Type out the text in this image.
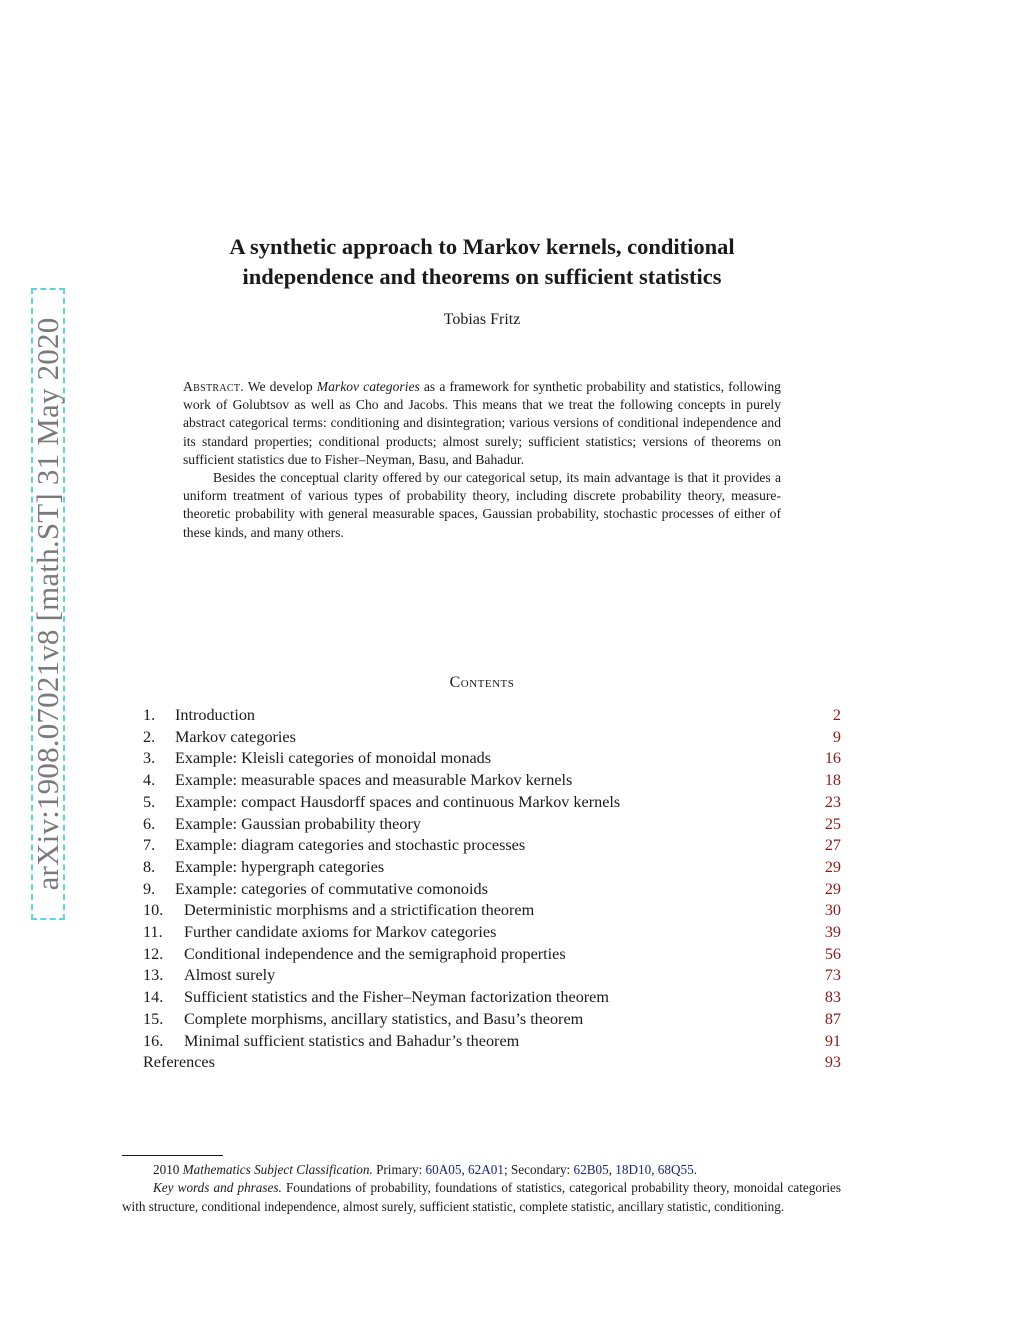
arXiv:1908.07021v8 [math.ST] 31 May 2020
A synthetic approach to Markov kernels, conditional
independence and theorems on sufficient statistics
Tobias Fritz

Abstract. We develop Markov categories as a framework for synthetic probability and statistics, following work of Golubtsov as well as Cho and Jacobs. This means that we treat the following concepts in purely abstract categorical terms: conditioning and disintegration; various versions of conditional independence and its standard properties; conditional products; almost surely; sufficient statistics; versions of theorems on sufficient statistics due to Fisher–Neyman, Basu, and Bahadur.

Besides the conceptual clarity offered by our categorical setup, its main advantage is that it provides a uniform treatment of various types of probability theory, including discrete probability theory, measure-theoretic probability with general measurable spaces, Gaussian probability, stochastic processes of either of these kinds, and many others.

Contents
1. Introduction	2
2. Markov categories	9
3. Example: Kleisli categories of monoidal monads	16
4. Example: measurable spaces and measurable Markov kernels	18
5. Example: compact Hausdorff spaces and continuous Markov kernels	23
6. Example: Gaussian probability theory	25
7. Example: diagram categories and stochastic processes	27
8. Example: hypergraph categories	29
9. Example: categories of commutative comonoids	29
10. Deterministic morphisms and a strictification theorem	30
11. Further candidate axioms for Markov categories	39
12. Conditional independence and the semigraphoid properties	56
13. Almost surely	73
14. Sufficient statistics and the Fisher–Neyman factorization theorem	83
15. Complete morphisms, ancillary statistics, and Basu’s theorem	87
16. Minimal sufficient statistics and Bahadur’s theorem	91
References	93

2010 Mathematics Subject Classification. Primary: 60A05, 62A01; Secondary: 62B05, 18D10, 68Q55.

Key words and phrases. Foundations of probability, foundations of statistics, categorical probability theory, monoidal categories with structure, conditional independence, almost surely, sufficient statistic, complete statistic, ancillary statistic, conditioning.
